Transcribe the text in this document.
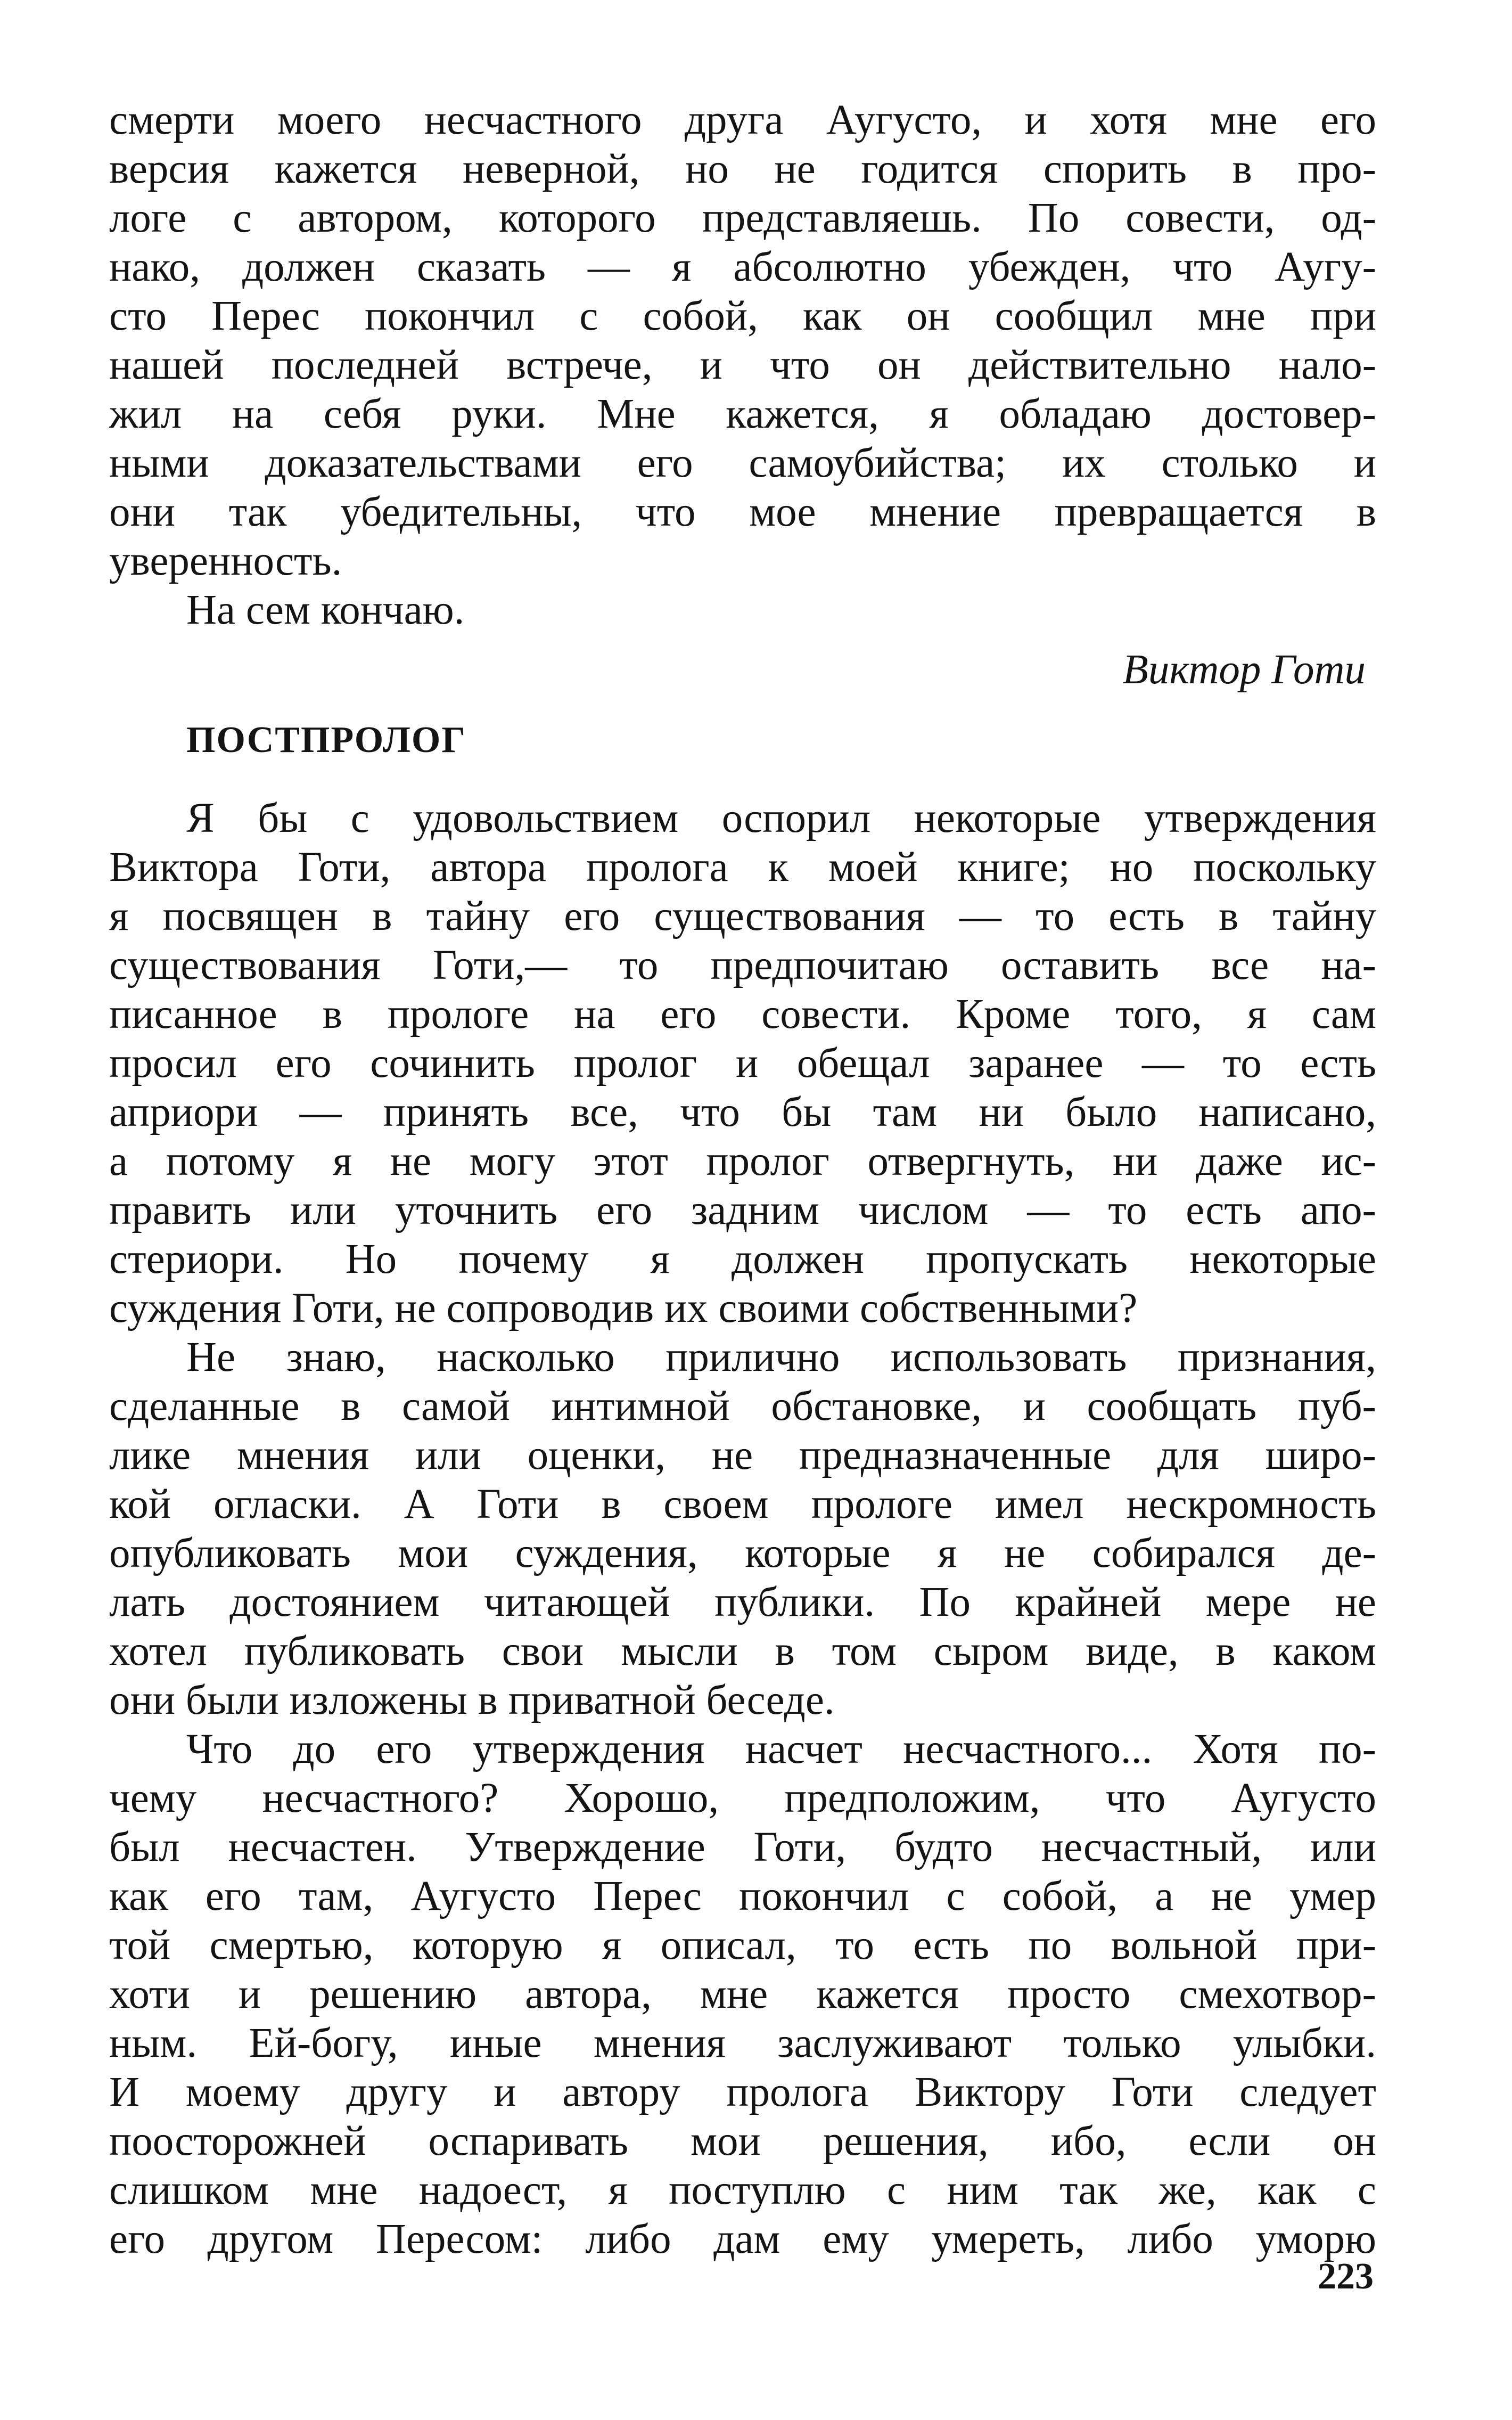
смерти моего несчастного друга Аугусто, и хотя мне его
версия кажется неверной, но не годится спорить в про-
логе с автором, которого представляешь. По совести, од-
нако, должен сказать — я абсолютно убежден, что Аугу-
сто Перес покончил с собой, как он сообщил мне при
нашей последней встрече, и что он действительно нало-
жил на себя руки. Мне кажется, я обладаю достовер-
ными доказательствами его самоубийства; их столько и
они так убедительны, что мое мнение превращается в
уверенность.
На сем кончаю.
Виктор Готи
ПОСТПРОЛОГ
Я бы с удовольствием оспорил некоторые утверждения
Виктора Готи, автора пролога к моей книге; но поскольку
я посвящен в тайну его существования — то есть в тайну
существования Готи,— то предпочитаю оставить все на-
писанное в прологе на его совести. Кроме того, я сам
просил его сочинить пролог и обещал заранее — то есть
априори — принять все, что бы там ни было написано,
а потому я не могу этот пролог отвергнуть, ни даже ис-
править или уточнить его задним числом — то есть апо-
стериори. Но почему я должен пропускать некоторые
суждения Готи, не сопроводив их своими собственными?
Не знаю, насколько прилично использовать признания,
сделанные в самой интимной обстановке, и сообщать пуб-
лике мнения или оценки, не предназначенные для широ-
кой огласки. А Готи в своем прологе имел нескромность
опубликовать мои суждения, которые я не собирался де-
лать достоянием читающей публики. По крайней мере не
хотел публиковать свои мысли в том сыром виде, в каком
они были изложены в приватной беседе.
Что до его утверждения насчет несчастного... Хотя по-
чему несчастного? Хорошо, предположим, что Аугусто
был несчастен. Утверждение Готи, будто несчастный, или
как его там, Аугусто Перес покончил с собой, а не умер
той смертью, которую я описал, то есть по вольной при-
хоти и решению автора, мне кажется просто смехотвор-
ным. Ей-богу, иные мнения заслуживают только улыбки.
И моему другу и автору пролога Виктору Готи следует
поосторожней оспаривать мои решения, ибо, если он
слишком мне надоест, я поступлю с ним так же, как с
его другом Пересом: либо дам ему умереть, либо уморю
223
